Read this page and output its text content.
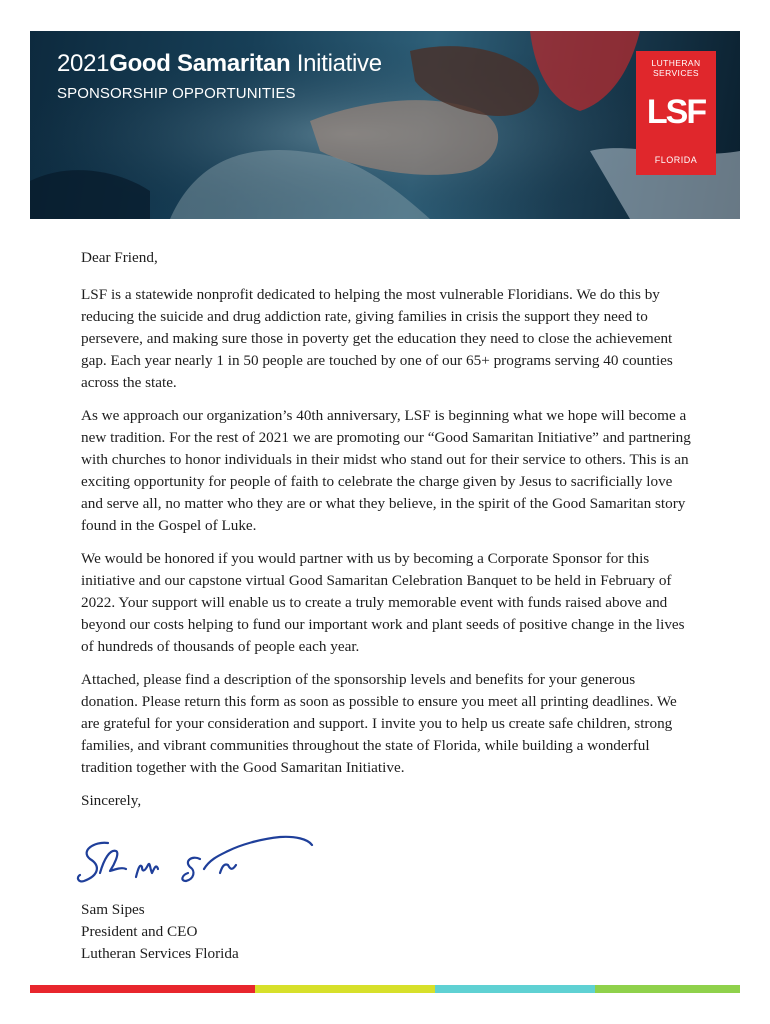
2021Good Samaritan Initiative
SPONSORSHIP OPPORTUNITIES
LUTHERAN
SERVICES
LSF
FLORIDA

Dear Friend,

LSF is a statewide nonprofit dedicated to helping the most vulnerable Floridians. We do this by reducing the suicide and drug addiction rate, giving families in crisis the support they need to persevere, and making sure those in poverty get the education they need to close the achievement gap. Each year nearly 1 in 50 people are touched by one of our 65+ programs serving 40 counties across the state.

As we approach our organization’s 40th anniversary, LSF is beginning what we hope will become a new tradition. For the rest of 2021 we are promoting our “Good Samaritan Initiative” and partnering with churches to honor individuals in their midst who stand out for their service to others. This is an exciting opportunity for people of faith to celebrate the charge given by Jesus to sacrificially love and serve all, no matter who they are or what they believe, in the spirit of the Good Samaritan story found in the Gospel of Luke.

We would be honored if you would partner with us by becoming a Corporate Sponsor for this initiative and our capstone virtual Good Samaritan Celebration Banquet to be held in February of 2022. Your support will enable us to create a truly memorable event with funds raised above and beyond our costs helping to fund our important work and plant seeds of positive change in the lives of hundreds of thousands of people each year.

Attached, please find a description of the sponsorship levels and benefits for your generous donation. Please return this form as soon as possible to ensure you meet all printing deadlines. We are grateful for your consideration and support. I invite you to help us create safe children, strong families, and vibrant communities throughout the state of Florida, while building a wonderful tradition together with the Good Samaritan Initiative.

Sincerely,

Sam Sipes
President and CEO
Lutheran Services Florida
